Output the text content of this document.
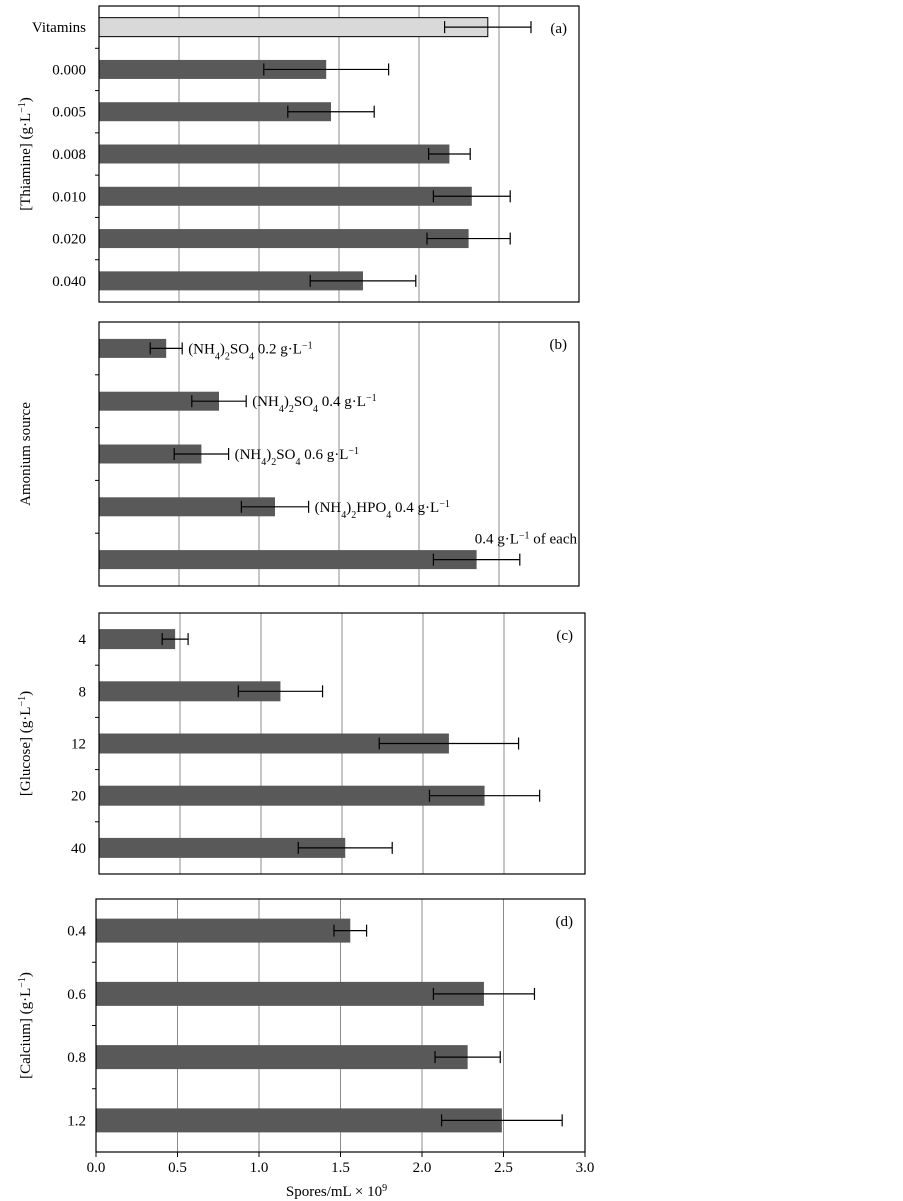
Vitamins
0.000
0.005
0.008
0.010
0.020
0.040
(a)
[Thiamine] $(g\cdot L^{-1})$
$(NH_4)_2SO_4$ 0.2 $g\cdot L^{-1}$
$(NH_4)_2SO_4$ 0.4 $g\cdot L^{-1}$
$(NH_4)_2SO_4$ 0.6 $g\cdot L^{-1}$
$(NH_4)_2HPO_4$ 0.4 $g\cdot L^{-1}$
0.4 $g\cdot L^{-1}$ of each
(b)
Amonium source
4
8
12
20
40
(c)
[Glucose] $(g\cdot L^{-1})$
0.4
0.6
0.8
1.2
(d)
[Calcium] $(g\cdot L^{-1})$
0.0	0.5	1.0	1.5	2.0	2.5	3.0
Spores/mL × $10^9$
